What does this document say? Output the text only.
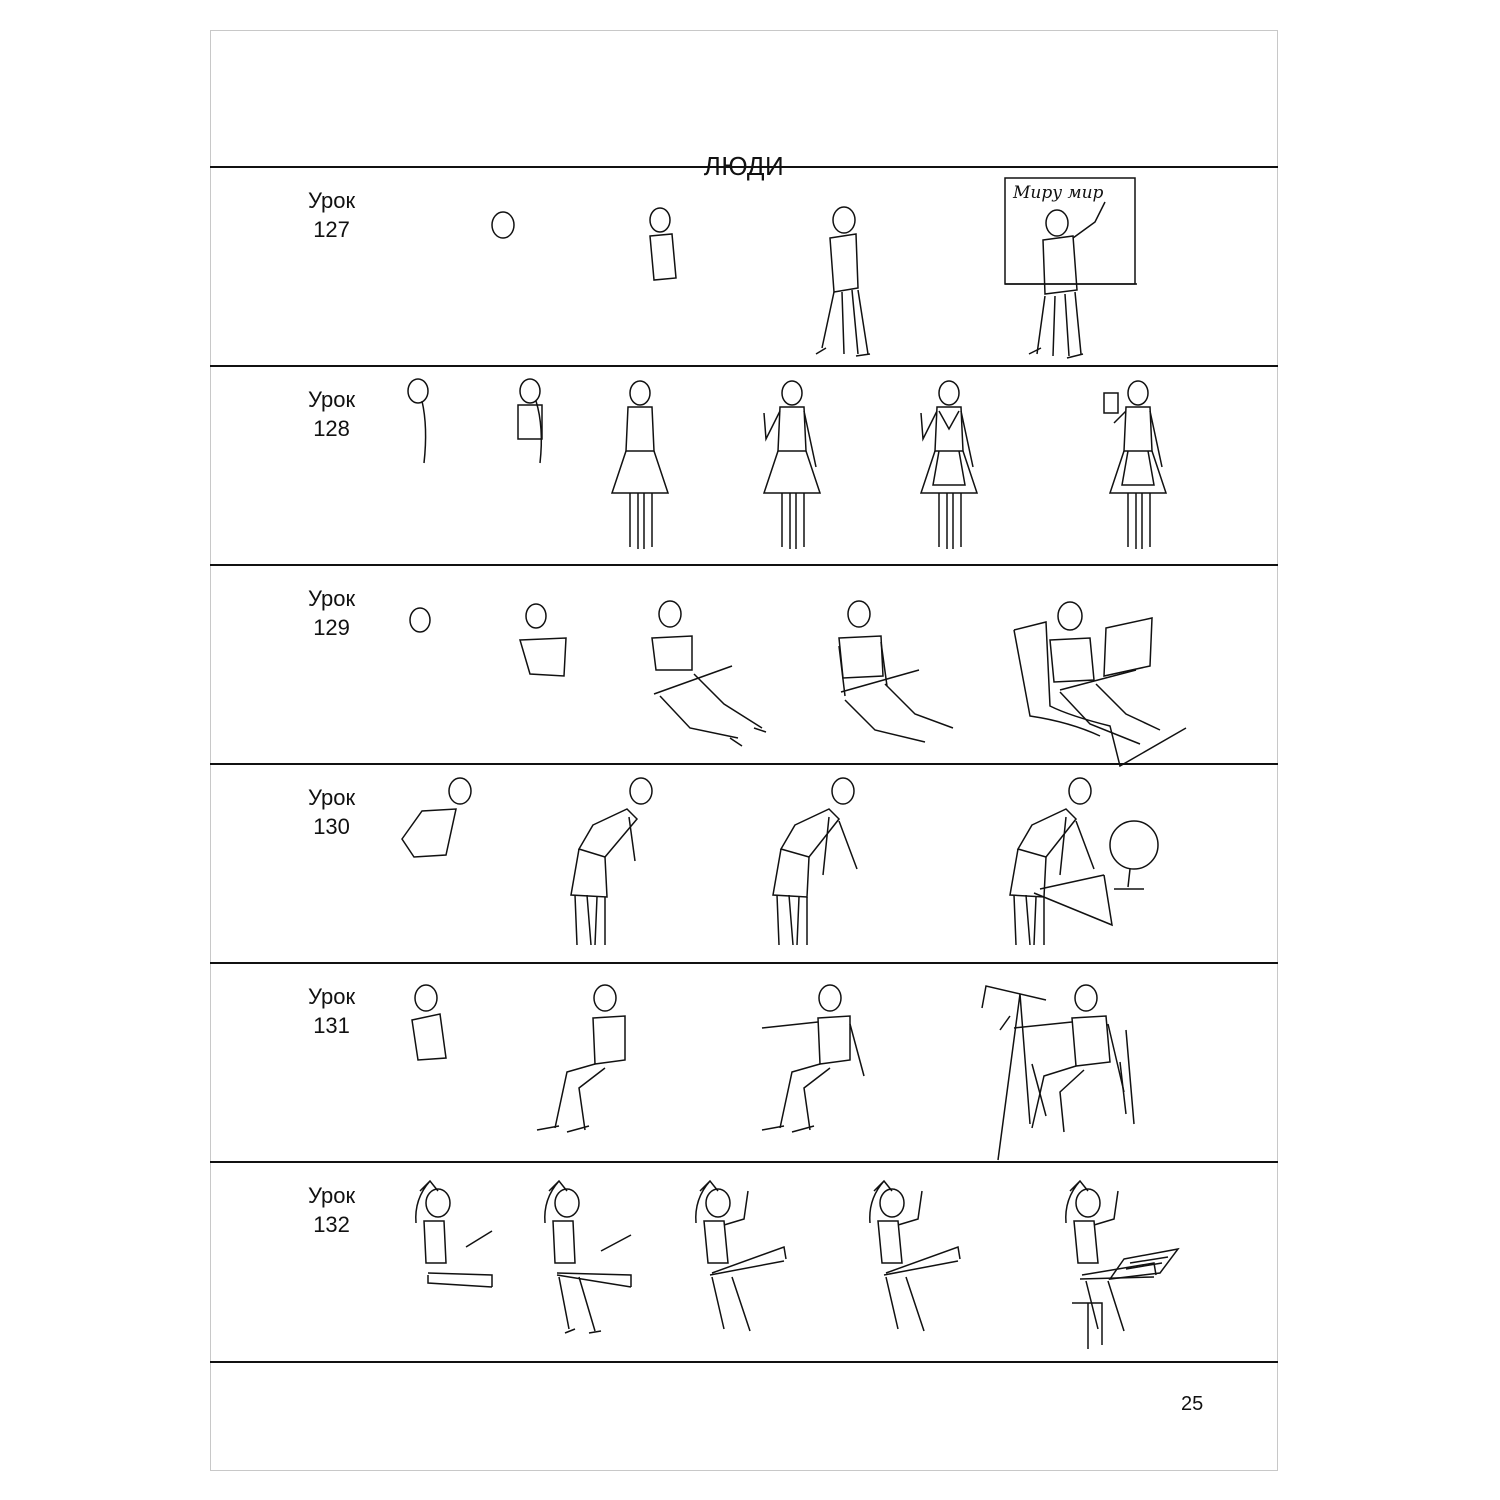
ЛЮДИ
Урок
127
Миру мир
Урок
128
Урок
129
Урок
130
Урок
131
Урок
132
25
